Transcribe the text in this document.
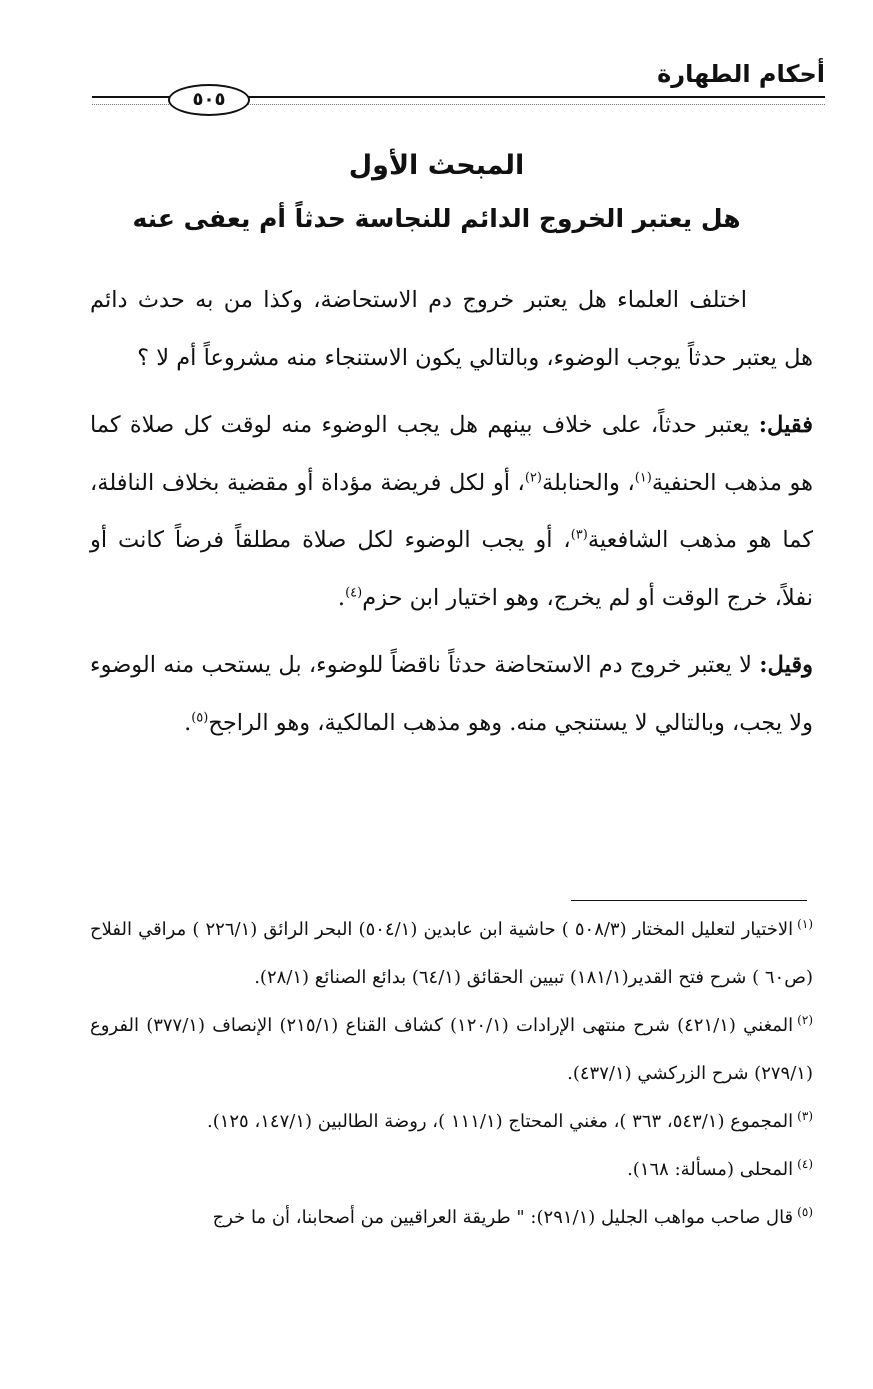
أحكام الطهارة
٥٠٥
المبحث الأول
هل يعتبر الخروج الدائم للنجاسة حدثاً أم يعفى عنه

اختلف العلماء هل يعتبر خروج دم الاستحاضة، وكذا من به حدث دائم هل يعتبر حدثاً يوجب الوضوء، وبالتالي يكون الاستنجاء منه مشروعاً أم لا ؟

فقيل: يعتبر حدثاً، على خلاف بينهم هل يجب الوضوء منه لوقت كل صلاة كما هو مذهب الحنفية$^{(١)}$، والحنابلة$^{(٢)}$، أو لكل فريضة مؤداة أو مقضية بخلاف النافلة، كما هو مذهب الشافعية$^{(٣)}$، أو يجب الوضوء لكل صلاة مطلقاً فرضاً كانت أو نفلاً، خرج الوقت أو لم يخرج، وهو اختيار ابن حزم$^{(٤)}$.

وقيل: لا يعتبر خروج دم الاستحاضة حدثاً ناقضاً للوضوء، بل يستحب منه الوضوء ولا يجب، وبالتالي لا يستنجي منه. وهو مذهب المالكية، وهو الراجح$^{(٥)}$.

$^{(١)}$الاختيار لتعليل المختار (٥٠٨/٣ ) حاشية ابن عابدين (٥٠٤/١) البحر الرائق (٢٢٦/١ ) مراقي الفلاح (ص٦٠ ) شرح فتح القدير(١٨١/١) تبيين الحقائق (٦٤/١) بدائع الصنائع (٢٨/١).

$^{(٢)}$المغني (٤٢١/١) شرح منتهى الإرادات (١٢٠/١) كشاف القناع (٢١٥/١) الإنصاف (٣٧٧/١) الفروع (٢٧٩/١) شرح الزركشي (٤٣٧/١).

$^{(٣)}$المجموع (٥٤٣/١، ٣٦٣ )، مغني المحتاج (١١١/١ )، روضة الطالبين (١٤٧/١، ١٢٥).

$^{(٤)}$المحلى (مسألة: ١٦٨).

$^{(٥)}$قال صاحب مواهب الجليل (٢٩١/١): " طريقة العراقيين من أصحابنا، أن ما خرج
